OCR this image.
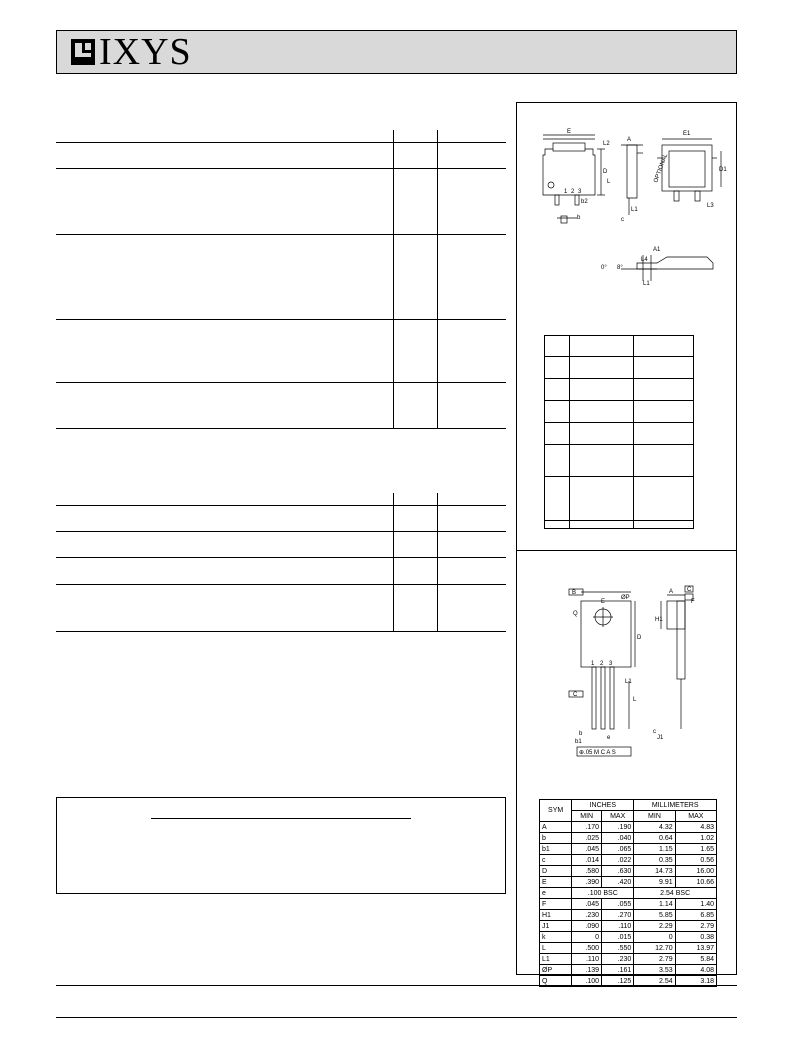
IXYS
E
L2
A
E1
D	D1
L
L1
L3
b2
b	c
A1
L4
L1
0° 8°
1 2 3
OPTIONAL
B
E
ØP
A C
F
D
Q
H1
L1
L
C
e	J1
c
b1
b
⊕.05 M C A S
1 2 3
SYM	INCHES		MILLIMETERS	
	MIN	MAX	MIN	MAX
A	.170	.190	4.32	4.83
b	.025	.040	0.64	1.02
b1	.045	.065	1.15	1.65
c	.014	.022	0.35	0.56
D	.580	.630	14.73	16.00
E	.390	.420	9.91	10.66
e	.100 BSC		2.54 BSC	
F	.045	.055	1.14	1.40
H1	.230	.270	5.85	6.85
J1	.090	.110	2.29	2.79
k	0	.015	0	0.38
L	.500	.550	12.70	13.97
L1	.110	.230	2.79	5.84
ØP	.139	.161	3.53	4.08
Q	.100	.125	2.54	3.18
